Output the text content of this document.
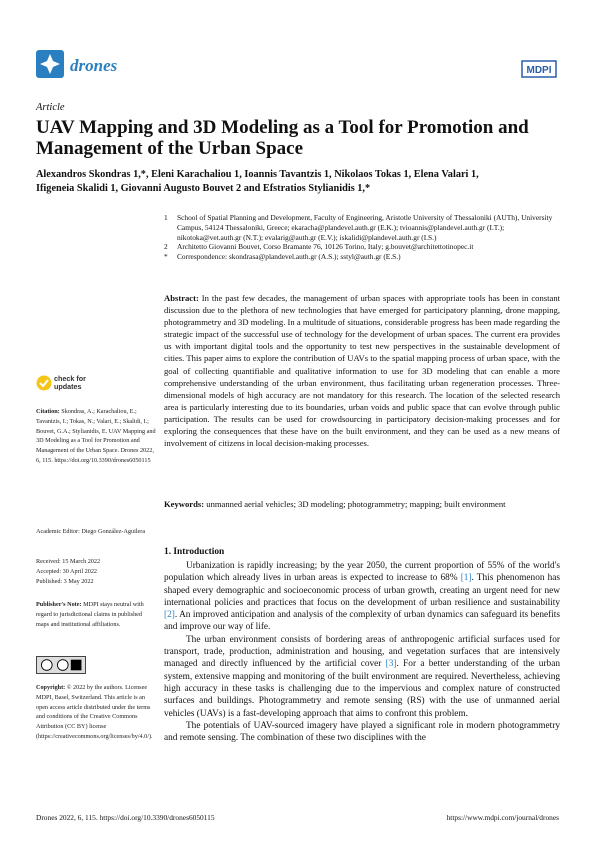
drones	MDPI
Article
UAV Mapping and 3D Modeling as a Tool for Promotion and Management of the Urban Space
Alexandros Skondras 1,*, Eleni Karachaliou 1, Ioannis Tavantzis 1, Nikolaos Tokas 1, Elena Valari 1,
Ifigeneia Skalidi 1, Giovanni Augusto Bouvet 2 and Efstratios Stylianidis 1,*
1	School of Spatial Planning and Development, Faculty of Engineering, Aristotle University of Thessaloniki (AUTh), University Campus, 54124 Thessaloniki, Greece; ekaracha@plandevel.auth.gr (E.K.); tvioannis@plandevel.auth.gr (I.T.); nikotoka@vet.auth.gr (N.T.); evalarig@auth.gr (E.V.); iskalidi@plandevel.auth.gr (I.S.)
2	Architetto Giovanni Bouvet, Corso Bramante 76, 10126 Torino, Italy; g.bouvet@architettotinopec.it
*	Correspondence: skondrasa@plandevel.auth.gr (A.S.); sstyl@auth.gr (E.S.)
Abstract: In the past few decades, the management of urban spaces with appropriate tools has been in constant discussion due to the plethora of new technologies that have emerged for participatory planning, drone mapping, photogrammetry and 3D modeling. In a multitude of situations, considerable progress has been made regarding the strategic impact of the successful use of technology for the development of urban spaces. The current era provides us with important digital tools and the opportunity to test new perspectives in the sustainable development of cities. This paper aims to explore the contribution of UAVs to the spatial mapping process of urban space, with the goal of collecting quantifiable and qualitative information to use for 3D modeling that can enable a more comprehensive understanding of the urban environment, thus facilitating urban regeneration processes. Three-dimensional models of high accuracy are not mandatory for this research. The location of the selected research area is particularly interesting due to its boundaries, urban voids and public space that can evolve through public participation. The results can be used for crowdsourcing in participatory decision-making processes and for exploring the consequences that these have on the built environment, and they can be used as a new means of involvement of citizens in local decision-making processes.
Keywords: unmanned aerial vehicles; 3D modeling; photogrammetry; mapping; built environment
check for
updates
Citation: Skondras, A.; Karachaliou, E.; Tavantzis, I.; Tokas, N.; Valari, E.; Skalidi, I.; Bouvet, G.A.; Stylianidis, E. UAV Mapping and 3D Modeling as a Tool for Promotion and Management of the Urban Space. Drones 2022, 6, 115. https://doi.org/10.3390/drones6050115
Academic Editor: Diego González-Aguilera
Received: 15 March 2022
Accepted: 30 April 2022
Published: 3 May 2022
Publisher's Note: MDPI stays neutral with regard to jurisdictional claims in published maps and institutional affiliations.
Copyright: © 2022 by the authors. Licensee MDPI, Basel, Switzerland. This article is an open access article distributed under the terms and conditions of the Creative Commons Attribution (CC BY) license (https://creativecommons.org/licenses/by/4.0/).
1. Introduction

Urbanization is rapidly increasing; by the year 2050, the current proportion of 55% of the world's population which already lives in urban areas is expected to increase to 68% [1]. This phenomenon has shaped every demographic and socioeconomic process of urban growth, creating an urgent need for new international policies and practices that focus on the development of urban resilience and sustainability [2]. An improved anticipation and analysis of the complexity of urban dynamics can safeguard its benefits and improve our way of life.

The urban environment consists of bordering areas of anthropogenic artificial surfaces used for transport, trade, production, administration and housing, and vegetation surfaces that are intensively managed and directly influenced by the artificial cover [3]. For a better understanding of the urban system, extensive mapping and monitoring of the built environment are required. Nevertheless, achieving high accuracy in these tasks is challenging due to the impervious and complex nature of constructed surfaces and buildings. Photogrammetry and remote sensing (RS) with the use of unmanned aerial vehicles (UAVs) is a fast-developing approach that aims to confront this problem.

The potentials of UAV-sourced imagery have played a significant role in modern photogrammetry and remote sensing. The combination of these two disciplines with the

Drones 2022, 6, 115. https://doi.org/10.3390/drones6050115	https://www.mdpi.com/journal/drones
